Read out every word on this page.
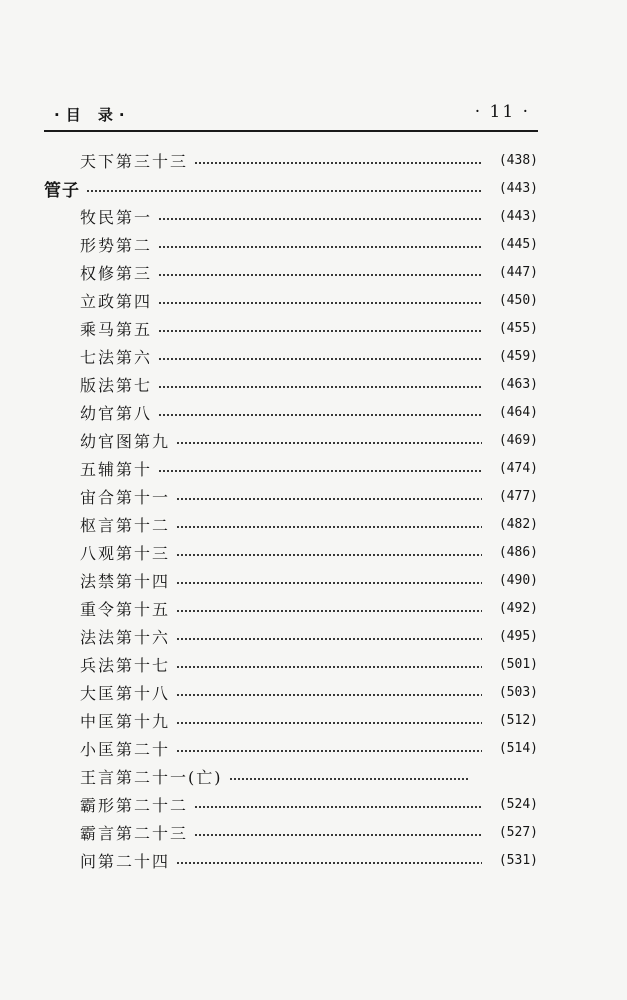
·目 录·	· 11 ·
天下第三十三	(438)
管子	(443)
牧民第一	(443)
形势第二	(445)
权修第三	(447)
立政第四	(450)
乘马第五	(455)
七法第六	(459)
版法第七	(463)
幼官第八	(464)
幼官图第九	(469)
五辅第十	(474)
宙合第十一	(477)
枢言第十二	(482)
八观第十三	(486)
法禁第十四	(490)
重令第十五	(492)
法法第十六	(495)
兵法第十七	(501)
大匡第十八	(503)
中匡第十九	(512)
小匡第二十	(514)
王言第二十一(亡)
霸形第二十二	(524)
霸言第二十三	(527)
问第二十四	(531)
